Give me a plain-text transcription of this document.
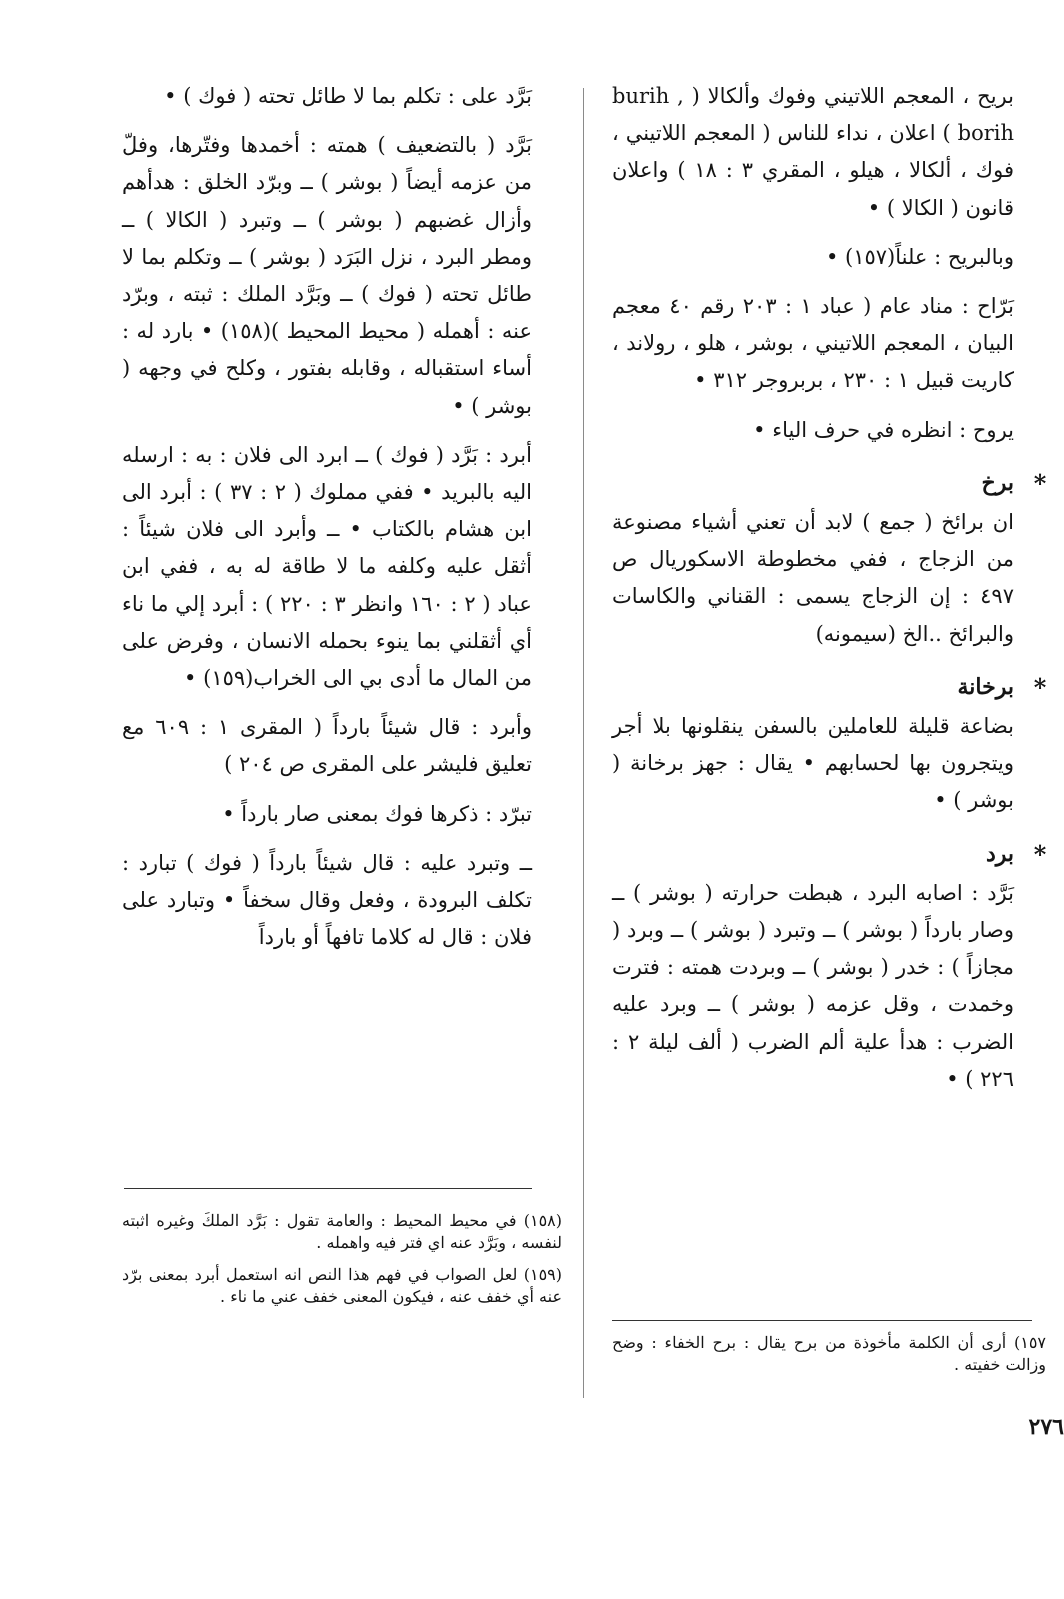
بريح ، المعجم اللاتيني وفوك وألكالا ( burih , borih ) اعلان ، نداء للناس ( المعجم اللاتيني ، فوك ، ألكالا ، هيلو ، المقري ٣ : ١٨ ) واعلان قانون ( الكالا ) •

وبالبريح : علناً(١٥٧) •

بَرّاح : مناد عام ( عباد ١ : ٢٠٣ رقم ٤٠ معجم البيان ، المعجم اللاتيني ، بوشر ، هلو ، رولاند ، كاريت قبيل ١ : ٢٣٠ ، بربروجر ٣١٢ •

يروح : انظره في حرف الياء •

*
برخ

ان برائخ ( جمع ) لابد أن تعني أشياء مصنوعة من الزجاج ، ففي مخطوطة الاسكوريال ص ٤٩٧ : إن الزجاج يسمى : القناني والكاسات والبرائخ ..الخ (سيمونه)

*
برخانة

بضاعة قليلة للعاملين بالسفن ينقلونها بلا أجر ويتجرون بها لحسابهم • يقال : جهز برخانة ( بوشر ) •

*
برد

بَرَّد : اصابه البرد ، هبطت حرارته ( بوشر ) ــ وصار بارداً ( بوشر ) ــ وتبرد ( بوشر ) ــ وبرد ( مجازاً ) : خدر ( بوشر ) ــ وبردت همته : فترت وخمدت ، وقل عزمه ( بوشر ) ــ وبرد عليه الضرب : هدأ علية ألم الضرب ( ألف ليلة ٢ : ٢٢٦ ) •

بَرَّد على : تكلم بما لا طائل تحته ( فوك ) •

بَرَّد ( بالتضعيف ) همته : أخمدها وفتّرها، وفلّ من عزمه أيضاً ( بوشر ) ــ وبرّد الخلق : هدأهم وأزال غضبهم ( بوشر ) ــ وتبرد ( الكالا ) ــ ومطر البرد ، نزل البَرَد ( بوشر ) ــ وتكلم بما لا طائل تحته ( فوك ) ــ وبَرَّد الملك : ثبته ، وبرّد عنه : أهمله ( محيط المحيط )(١٥٨) • بارد له : أساء استقباله ، وقابله بفتور ، وكلح في وجهه ( بوشر ) •

أبرد : بَرَّد ( فوك ) ــ ابرد الى فلان : به : ارسله اليه بالبريد • ففي مملوك ( ٢ : ٣٧ ) : أبرد الى ابن هشام بالكتاب • ــ وأبرد الى فلان شيئاً : أثقل عليه وكلفه ما لا طاقة له به ، ففي ابن عباد ( ٢ : ١٦٠ وانظر ٣ : ٢٢٠ ) : أبرد إلي ما ناء أي أثقلني بما ينوء بحمله الانسان ، وفرض على من المال ما أدى بي الى الخراب(١٥٩) •

وأبرد : قال شيئاً بارداً ( المقرى ١ : ٦٠٩ مع تعليق فليشر على المقرى ص ٢٠٤ )

تبرّد : ذكرها فوك بمعنى صار بارداً •

ــ وتبرد عليه : قال شيئاً بارداً ( فوك ) تبارد : تكلف البرودة ، وفعل وقال سخفاً • وتبارد على فلان : قال له كلاما تافهاً أو بارداً

(١٥٨) في محيط المحيط : والعامة تقول : بَرَّد الملكَ وغيره اثبته لنفسه ، وبَرَّد عنه اي فتر فيه واهمله .

(١٥٩) لعل الصواب في فهم هذا النص انه استعمل أبرد بمعنى برّد عنه أي خفف عنه ، فيكون المعنى خفف عني ما ناء .

١٥٧) أرى أن الكلمة مأخوذة من برح يقال : برح الخفاء : وضح وزالت خفيته .

٢٧٦
